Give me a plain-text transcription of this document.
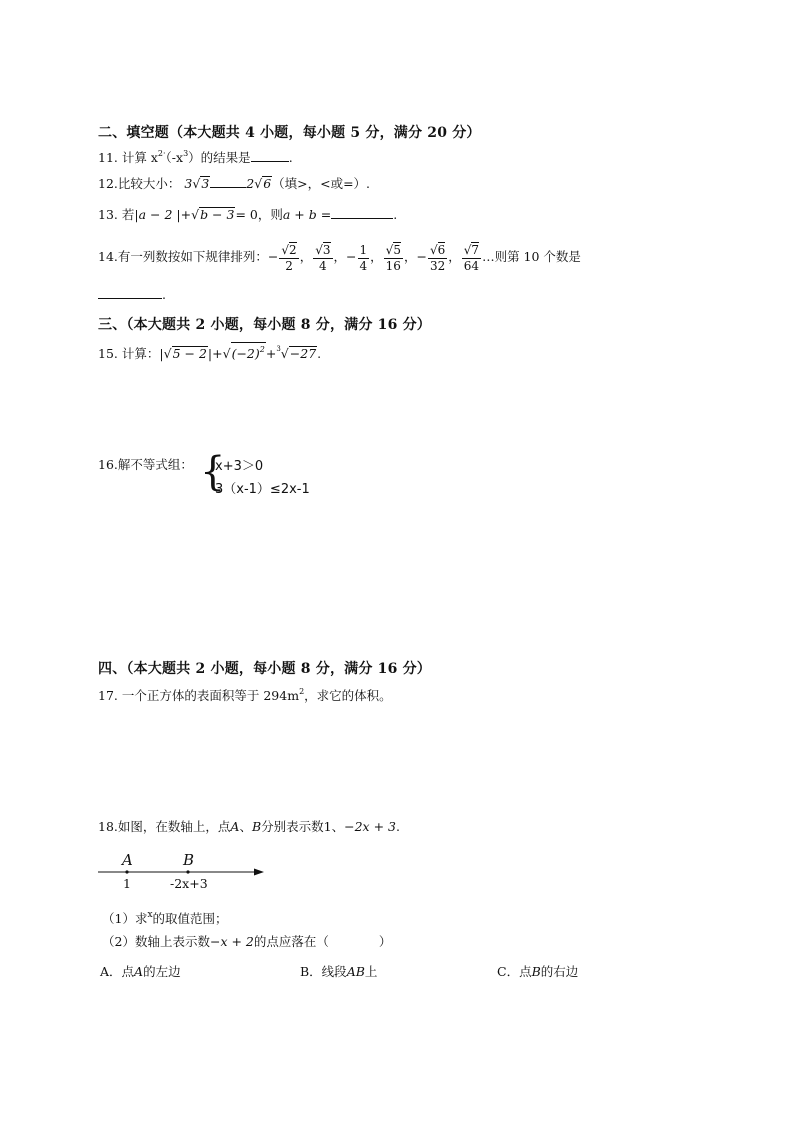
二、填空题（本大题共 4 小题，每小题 5 分，满分 20 分）
11. 计算 $x^{2\cdot}(-x^3)$的结果是	.
12.比较大小： 3√3	2√6（填>，<或=）.
13. 若|a − 2 |+√b − 3= 0，则a + b =	.
14.有一列数按如下规律排列：− $\frac{√2}{2}$ ， $\frac{√3}{4}$ ，− $\frac{1}{4}$ ， $\frac{√5}{16}$ ，− $\frac{√6}{32}$ ， $\frac{√7}{64}$ …则第 10 个数是
.
三、（本大题共 2 小题，每小题 8 分，满分 16 分）
15. 计算：$|√5 - 2|+√(-2)^2+^3√-27$.
16.解不等式组： {
x+3＞0
3（x-1）≤2x-1
四、（本大题共 2 小题，每小题 8 分，满分 16 分）
17. 一个正方体的表面积等于 $294m^2$，求它的体积。
18.如图，在数轴上，点A、B分别表示数1、−2x + 3.
A	B
1	-2x+3
（1）求$^x$的取值范围；
（2）数轴上表示数−x + 2的点应落在（　　　　）
A．点A的左边	B．线段AB上	C．点B的右边
